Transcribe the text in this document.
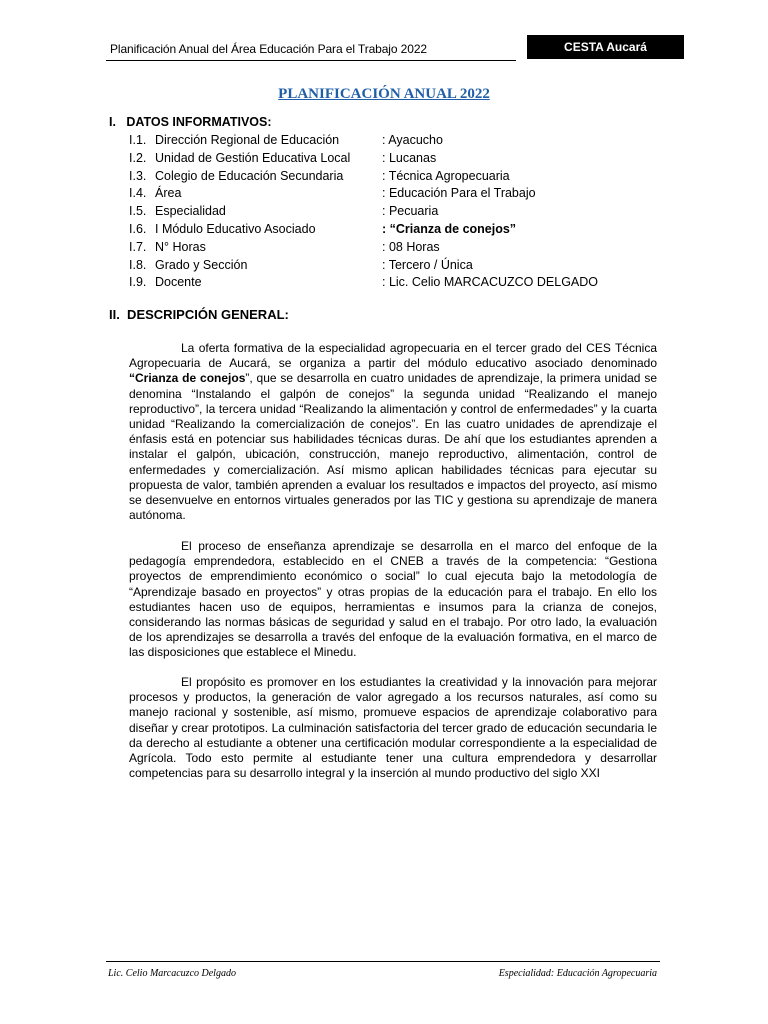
Planificación Anual del Área Educación Para el Trabajo 2022	CESTA Aucará
PLANIFICACIÓN ANUAL 2022
I.   DATOS INFORMATIVOS:
I.1. Dirección Regional de Educación	: Ayacucho
I.2. Unidad de Gestión Educativa Local	: Lucanas
I.3. Colegio de Educación Secundaria	: Técnica Agropecuaria
I.4. Área	: Educación Para el Trabajo
I.5. Especialidad	: Pecuaria
I.6. I Módulo Educativo Asociado	: “Crianza de conejos”
I.7. N° Horas	: 08 Horas
I.8. Grado y Sección	: Tercero / Única
I.9. Docente	: Lic. Celio MARCACUZCO DELGADO
II.  DESCRIPCIÓN GENERAL:
La oferta formativa de la especialidad agropecuaria en el tercer grado del CES Técnica Agropecuaria de Aucará, se organiza a partir del módulo educativo asociado denominado “Crianza de conejos”, que se desarrolla en cuatro unidades de aprendizaje, la primera unidad se denomina “Instalando el galpón de conejos” la segunda unidad “Realizando el manejo reproductivo”, la tercera unidad “Realizando la alimentación y control de enfermedades” y la cuarta unidad “Realizando la comercialización de conejos”. En las cuatro unidades de aprendizaje el énfasis está en potenciar sus habilidades técnicas duras. De ahí que los estudiantes aprenden a instalar el galpón, ubicación, construcción, manejo reproductivo, alimentación, control de enfermedades y comercialización. Así mismo aplican habilidades técnicas para ejecutar su propuesta de valor, también aprenden a evaluar los resultados e impactos del proyecto, así mismo se desenvuelve en entornos virtuales generados por las TIC y gestiona su aprendizaje de manera autónoma.
El proceso de enseñanza aprendizaje se desarrolla en el marco del enfoque de la pedagogía emprendedora, establecido en el CNEB a través de la competencia: “Gestiona proyectos de emprendimiento económico o social” lo cual ejecuta bajo la metodología de “Aprendizaje basado en proyectos” y otras propias de la educación para el trabajo. En ello los estudiantes hacen uso de equipos, herramientas e insumos para la crianza de conejos, considerando las normas básicas de seguridad y salud en el trabajo. Por otro lado, la evaluación de los aprendizajes se desarrolla a través del enfoque de la evaluación formativa, en el marco de las disposiciones que establece el Minedu.
El propósito es promover en los estudiantes la creatividad y la innovación para mejorar procesos y productos, la generación de valor agregado a los recursos naturales, así como su manejo racional y sostenible, así mismo, promueve espacios de aprendizaje colaborativo para diseñar y crear prototipos. La culminación satisfactoria del tercer grado de educación secundaria le da derecho al estudiante a obtener una certificación modular correspondiente a la especialidad de Agrícola. Todo esto permite al estudiante tener una cultura emprendedora y desarrollar competencias para su desarrollo integral y la inserción al mundo productivo del siglo XXI
Lic. Celio Marcacuzco Delgado	Especialidad: Educación Agropecuaria
